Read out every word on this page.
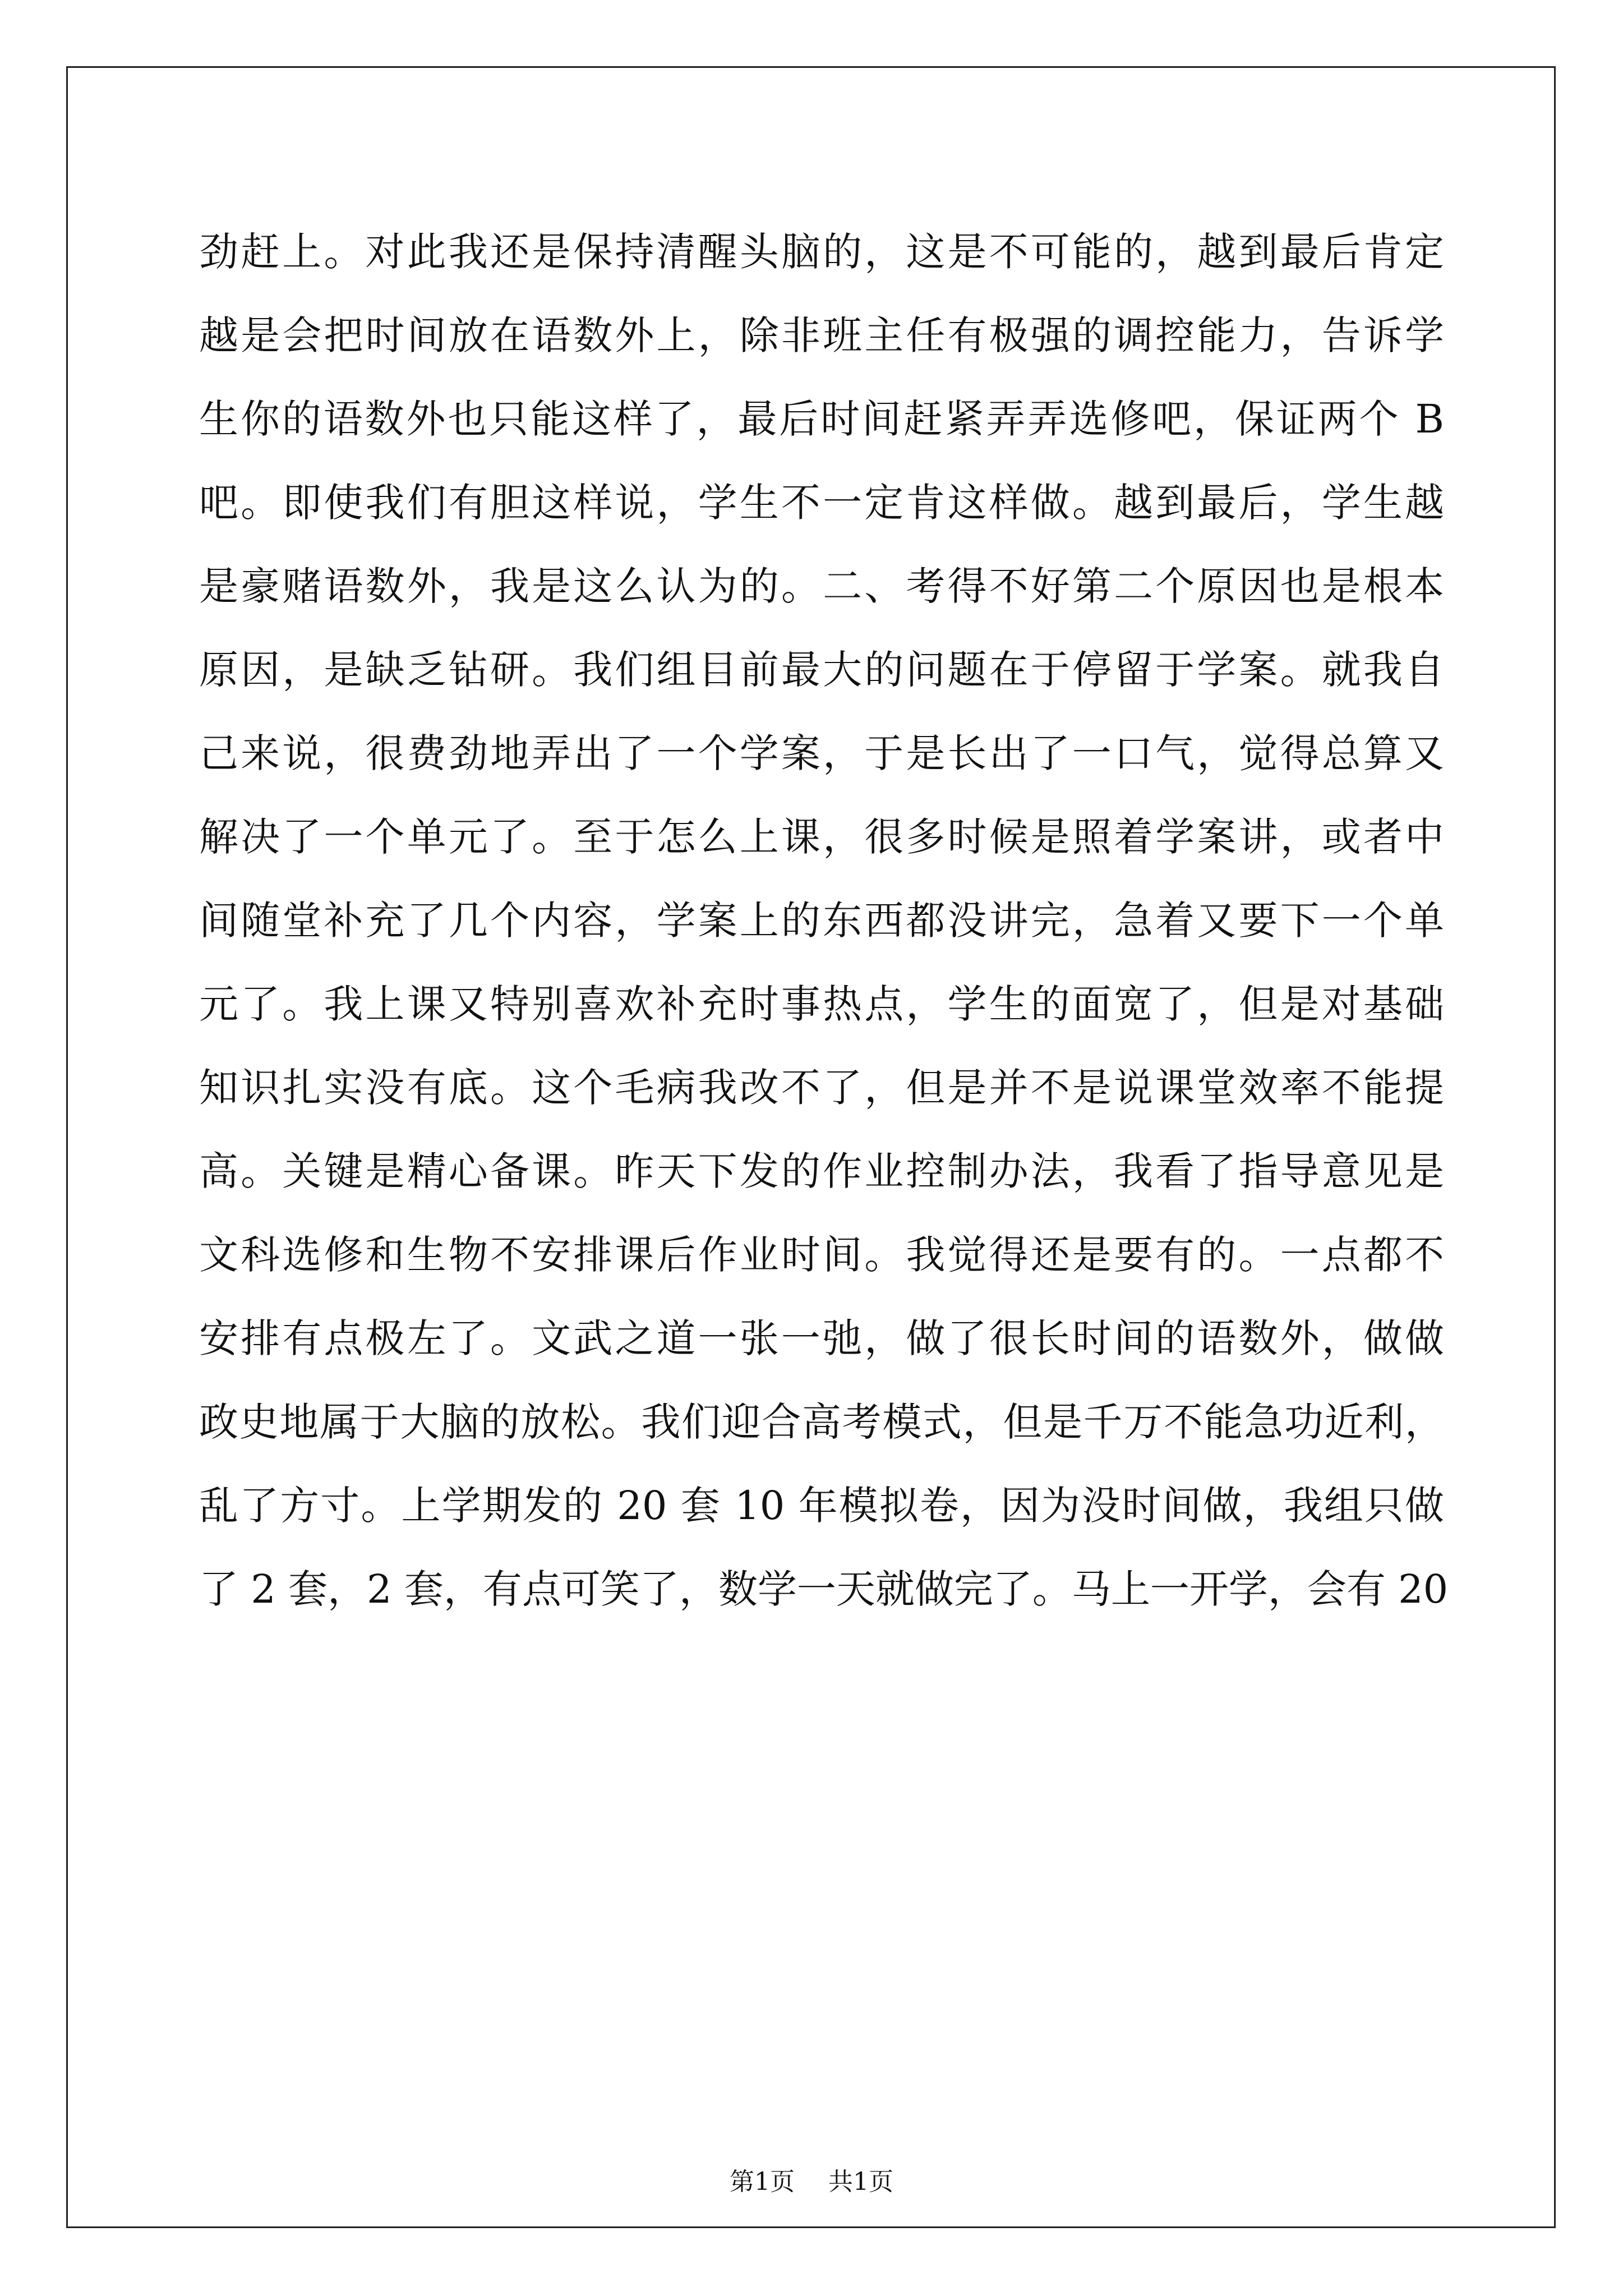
劲赶上。对此我还是保持清醒头脑的，这是不可能的，越到最后肯定
越是会把时间放在语数外上，除非班主任有极强的调控能力，告诉学
生你的语数外也只能这样了，最后时间赶紧弄弄选修吧，保证两个 B
吧。即使我们有胆这样说，学生不一定肯这样做。越到最后，学生越
是豪赌语数外，我是这么认为的。二、考得不好第二个原因也是根本
原因，是缺乏钻研。我们组目前最大的问题在于停留于学案。就我自
己来说，很费劲地弄出了一个学案，于是长出了一口气，觉得总算又
解决了一个单元了。至于怎么上课，很多时候是照着学案讲，或者中
间随堂补充了几个内容，学案上的东西都没讲完，急着又要下一个单
元了。我上课又特别喜欢补充时事热点，学生的面宽了，但是对基础
知识扎实没有底。这个毛病我改不了，但是并不是说课堂效率不能提
高。关键是精心备课。昨天下发的作业控制办法，我看了指导意见是
文科选修和生物不安排课后作业时间。我觉得还是要有的。一点都不
安排有点极左了。文武之道一张一弛，做了很长时间的语数外，做做
政史地属于大脑的放松。我们迎合高考模式，但是千万不能急功近利，
乱了方寸。上学期发的 20 套 10 年模拟卷，因为没时间做，我组只做
了 2 套，2 套，有点可笑了，数学一天就做完了。马上一开学，会有 20
第1页 共1页
